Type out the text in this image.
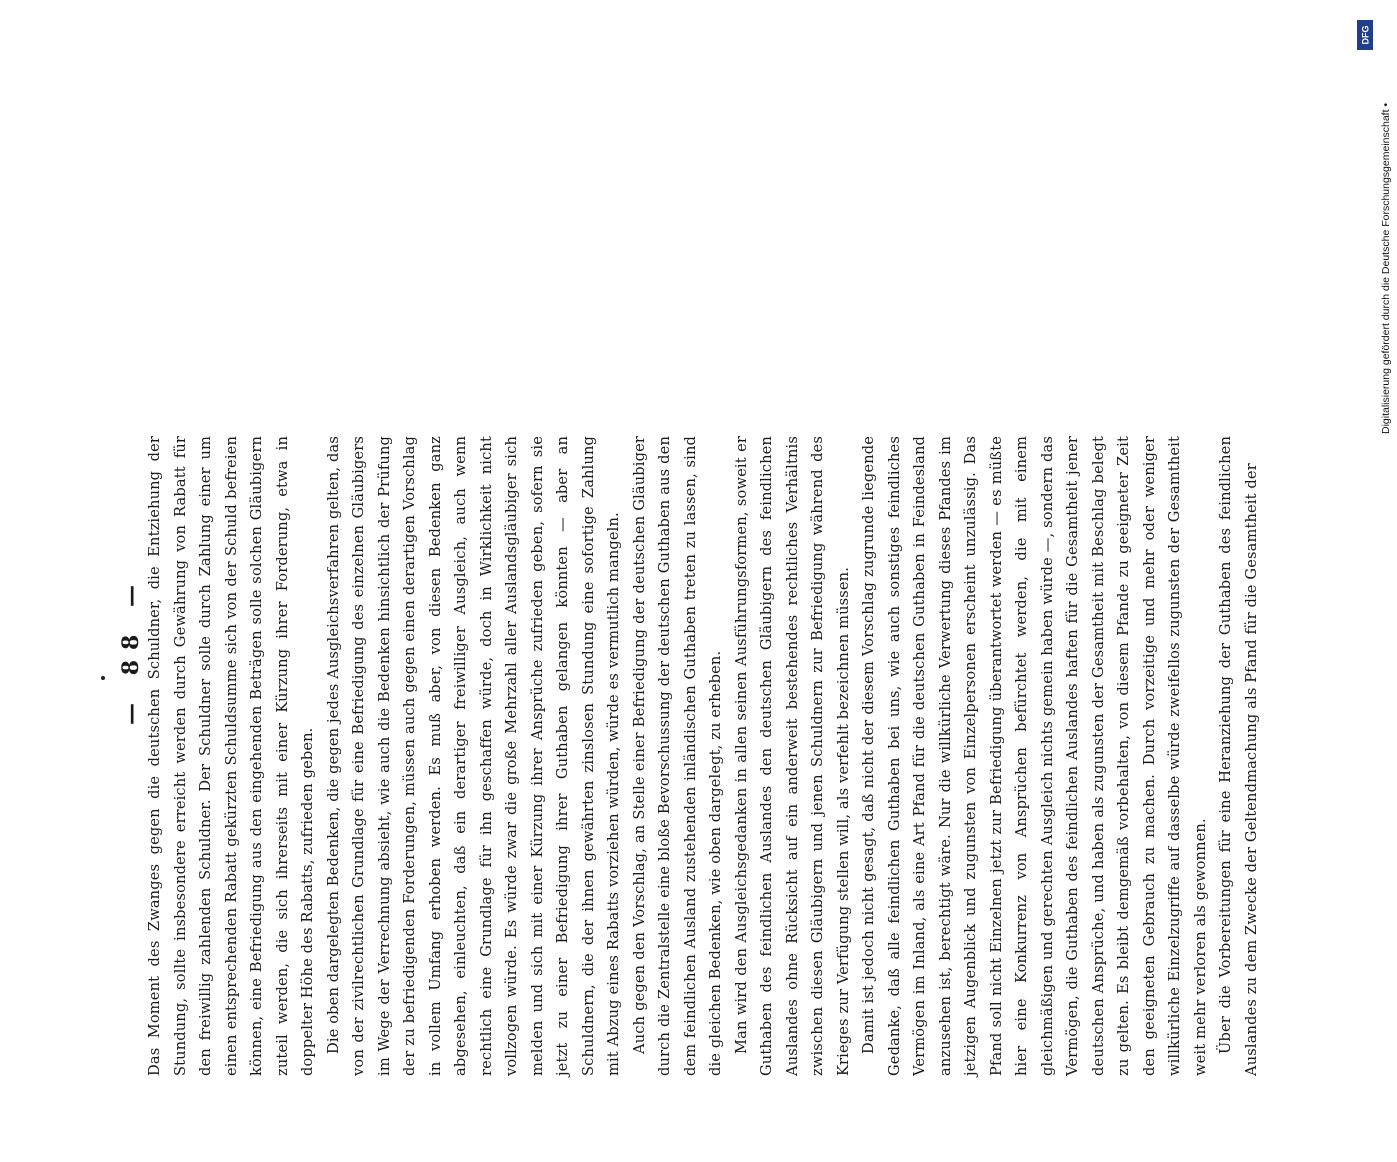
— 88 — Das Moment des Zwanges gegen die deutschen Schuldner, die Entziehung der Stundung, sollte insbesondere erreicht werden durch Gewährung von Rabatt für den freiwillig zahlenden Schuldner. Der Schuldner solle durch Zahlung einer um einen entsprechenden Rabatt gekürzten Schuldsumme sich von der Schuld befreien können, eine Befriedigung aus den eingehenden Beträgen solle solchen Gläubigern zuteil werden, die sich ihrerseits mit einer Kürzung ihrer Forderung, etwa in doppelter Höhe des Rabatts, zufrieden geben. Die oben dargelegten Bedenken, die gegen jedes Ausgleichsverfahren gelten, das von der zivilrechtlichen Grundlage für eine Befriedigung des einzelnen Gläubigers im Wege der Verrechnung absieht, wie auch die Bedenken hinsichtlich der Prüfung der zu befriedigenden Forderungen, müssen auch gegen einen derartigen Vorschlag in vollem Umfang erhoben werden. Es muß aber, von diesen Bedenken ganz abgesehen, einleuchten, daß ein derartiger freiwilliger Ausgleich, auch wenn rechtlich eine Grundlage für ihn geschaffen würde, doch in Wirklichkeit nicht vollzogen würde. Es würde zwar die große Mehrzahl aller Auslandsgläubiger sich melden und sich mit einer Kürzung ihrer Ansprüche zufrieden geben, sofern sie jetzt zu einer Befriedigung ihrer Guthaben gelangen könnten — aber an Schuldnern, die der ihnen gewährten zinslosen Stundung eine sofortige Zahlung mit Abzug eines Rabatts vorziehen würden, würde es vermutlich mangeln. Auch gegen den Vorschlag, an Stelle einer Befriedigung der deutschen Gläubiger durch die Zentralstelle eine bloße Bevorschussung der deutschen Guthaben aus den dem feindlichen Ausland zustehenden inländischen Guthaben treten zu lassen, sind die gleichen Bedenken, wie oben dargelegt, zu erheben. Man wird den Ausgleichsgedanken in allen seinen Ausführungsformen, soweit er Guthaben des feindlichen Auslandes den deutschen Gläubigern des feindlichen Auslandes ohne Rücksicht auf ein anderweit bestehendes rechtliches Verhältnis zwischen diesen Gläubigern und jenen Schuldnern zur Befriedigung während des Krieges zur Verfügung stellen will, als verfehlt bezeichnen müssen. Damit ist jedoch nicht gesagt, daß nicht der diesem Vorschlag zugrunde liegende Gedanke, daß alle feindlichen Guthaben bei uns, wie auch sonstiges feindliches Vermögen im Inland, als eine Art Pfand für die deutschen Guthaben in Feindesland anzusehen ist, berechtigt wäre. Nur die willkürliche Verwertung dieses Pfandes im jetzigen Augenblick und zugunsten von Einzelpersonen erscheint unzulässig. Das Pfand soll nicht Einzelnen jetzt zur Befriedigung überantwortet werden — es müßte hier eine Konkurrenz von Ansprüchen befürchtet werden, die mit einem gleichmäßigen und gerechten Ausgleich nichts gemein haben würde —, sondern das Vermögen, die Guthaben des feindlichen Auslandes haften für die Gesamtheit jener deutschen Ansprüche, und haben als zugunsten der Gesamtheit mit Beschlag belegt zu gelten. Es bleibt demgemäß vorbehalten, von diesem Pfande zu geeigneter Zeit den geeigneten Gebrauch zu machen. Durch vorzeitige und mehr oder weniger willkürliche Einzelzugriffe auf dasselbe würde zweifellos zugunsten der Gesamtheit weit mehr verloren als gewonnen. Über die Vorbereitungen für eine Heranziehung der Guthaben des feindlichen Auslandes zu dem Zwecke der Geltendmachung als Pfand für die Gesamtheit der

DFG
Digitalisierung gefördert durch die Deutsche Forschungsgemeinschaft •
